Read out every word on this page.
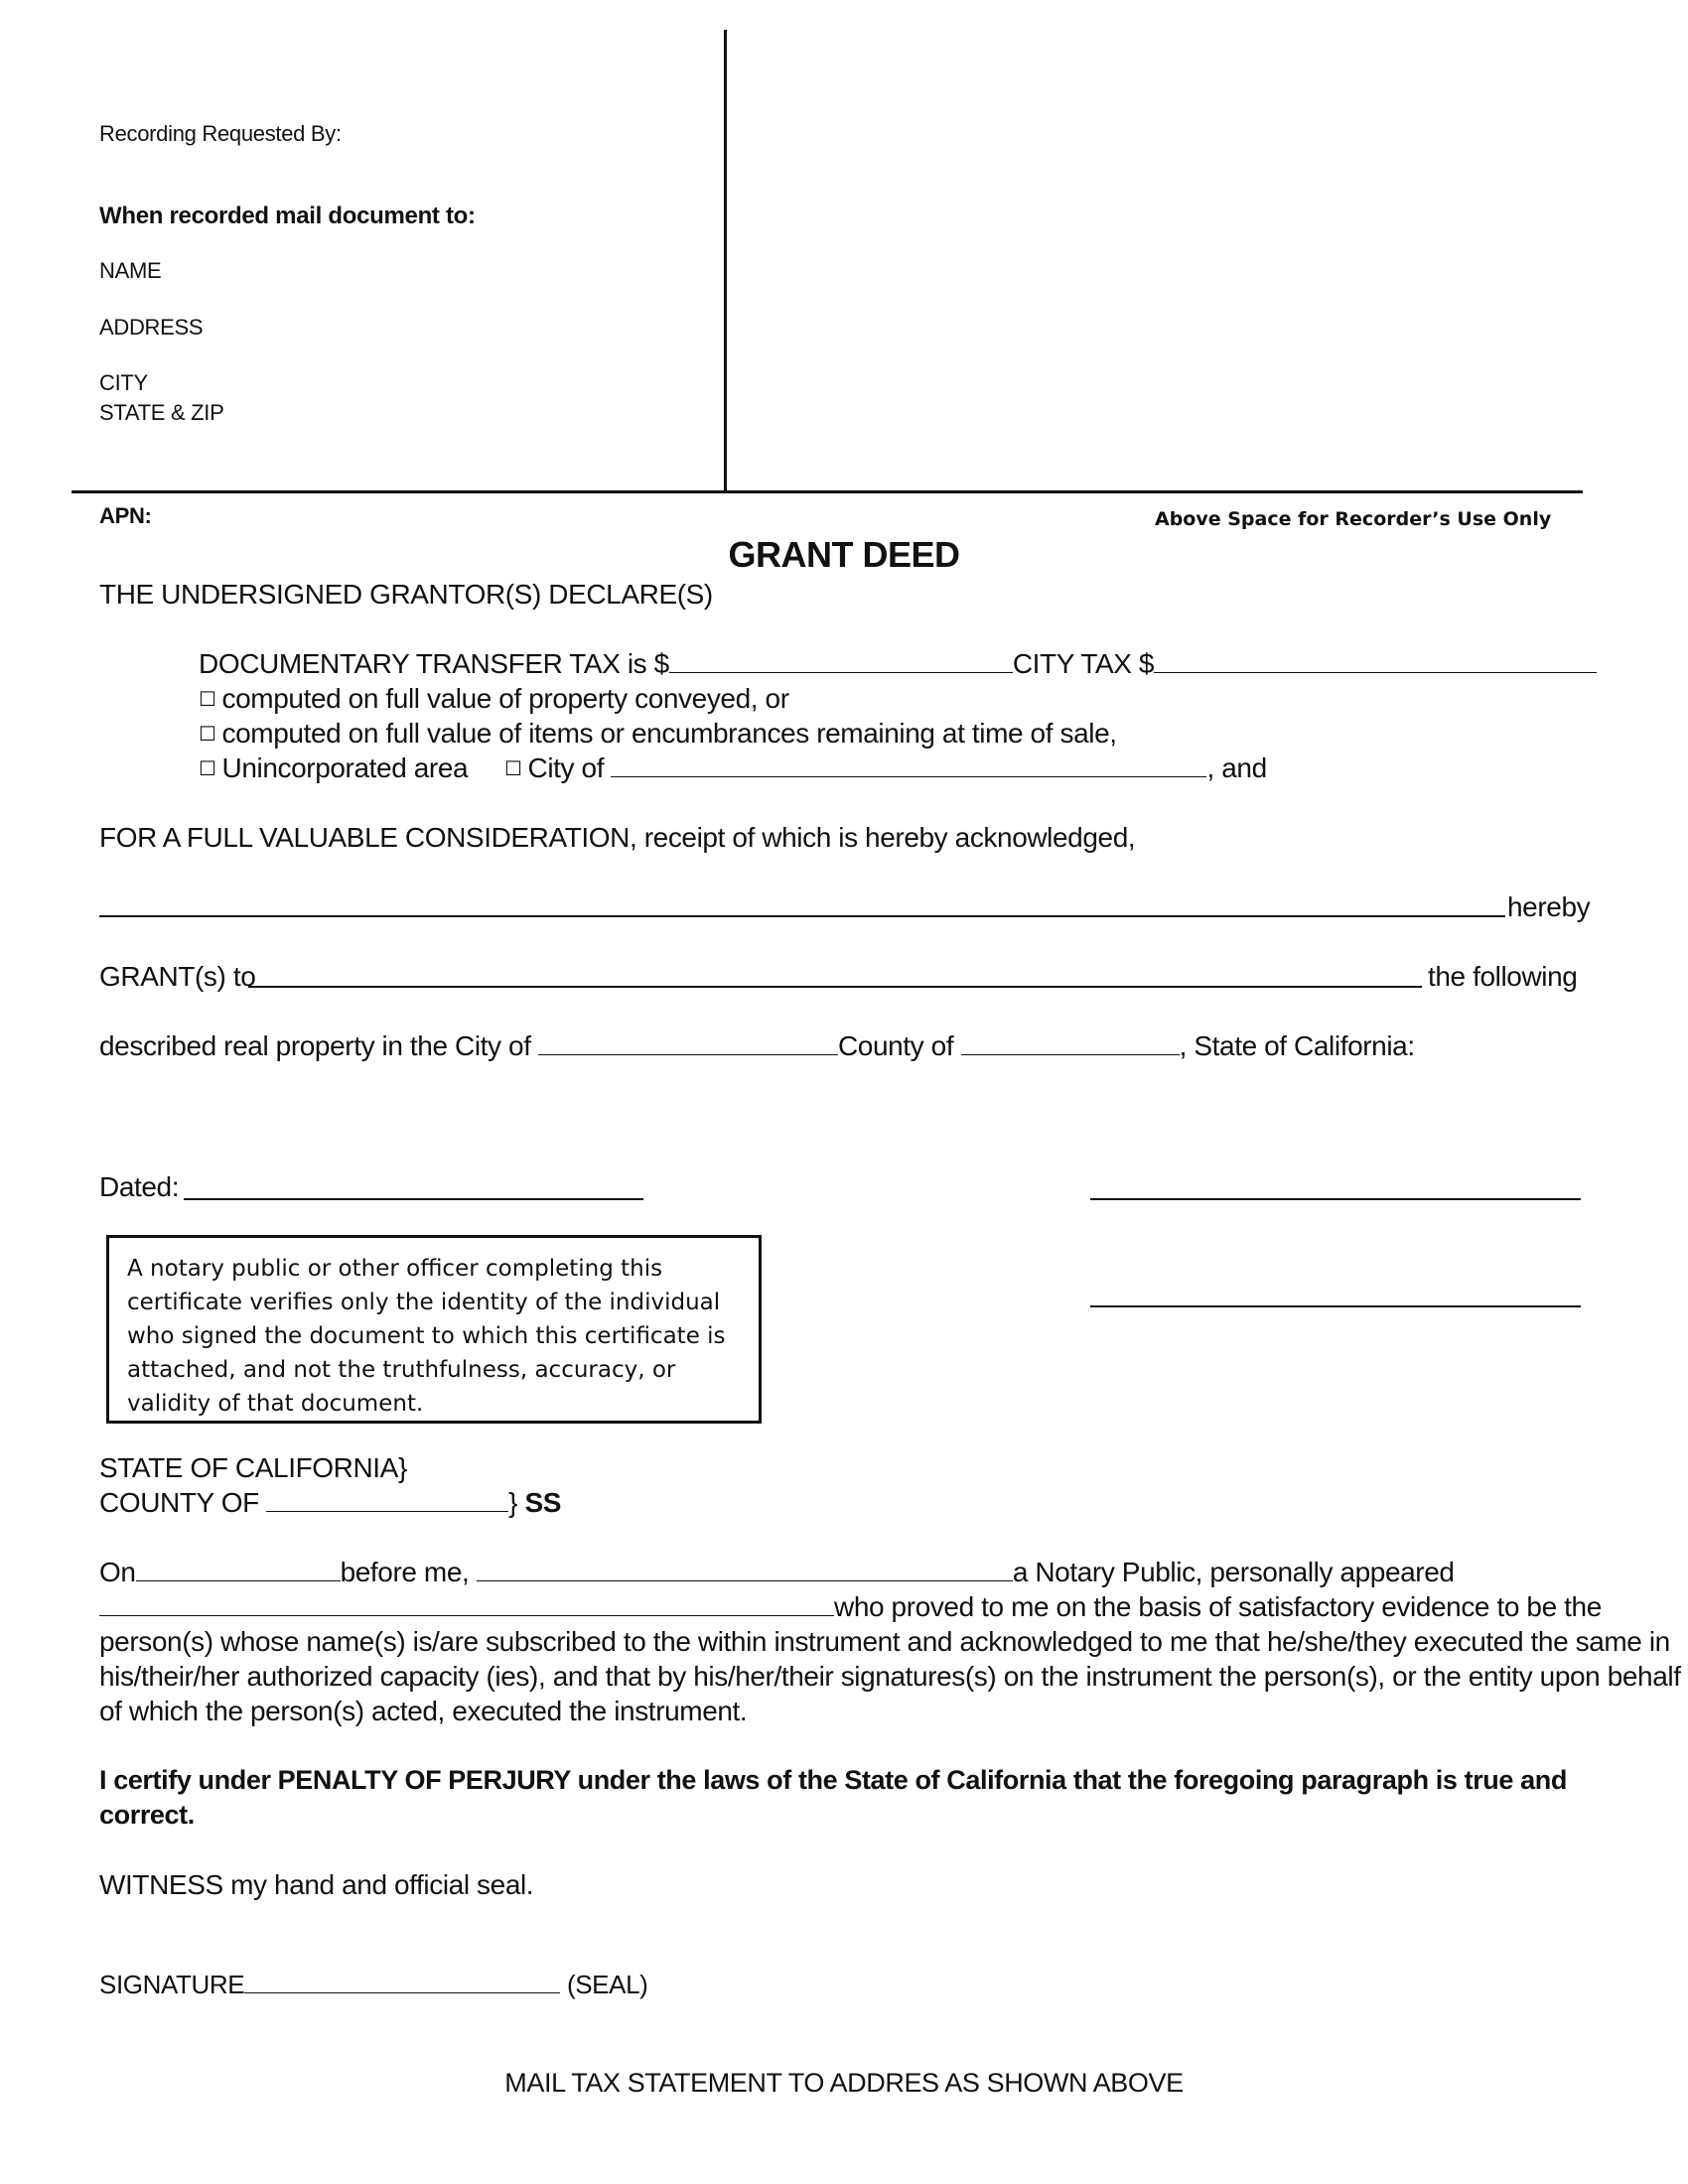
Recording Requested By:
When recorded mail document to:
NAME
ADDRESS
CITY
STATE & ZIP
APN:	Above Space for Recorder’s Use Only
GRANT DEED
THE UNDERSIGNED GRANTOR(S) DECLARE(S)
DOCUMENTARY TRANSFER TAX is $	CITY TAX $
☐ computed on full value of property conveyed, or
☐ computed on full value of items or encumbrances remaining at time of sale,
☐ Unincorporated area ☐ City of	, and
FOR A FULL VALUABLE CONSIDERATION, receipt of which is hereby acknowledged,
hereby
GRANT(s) to	the following
described real property in the City of	County of	, State of California:
Dated:
A notary public or other officer completing this certificate verifies only the identity of the individual who signed the document to which this certificate is attached, and not the truthfulness, accuracy, or validity of that document.
STATE OF CALIFORNIA}
COUNTY OF	} SS
On	before me,	a Notary Public, personally appeared
who proved to me on the basis of satisfactory evidence to be the
person(s) whose name(s) is/are subscribed to the within instrument and acknowledged to me that he/she/they executed the same in
his/their/her authorized capacity (ies), and that by his/her/their signatures(s) on the instrument the person(s), or the entity upon behalf
of which the person(s) acted, executed the instrument.
I certify under PENALTY OF PERJURY under the laws of the State of California that the foregoing paragraph is true and
correct.
WITNESS my hand and official seal.
SIGNATURE	(SEAL)
MAIL TAX STATEMENT TO ADDRES AS SHOWN ABOVE
